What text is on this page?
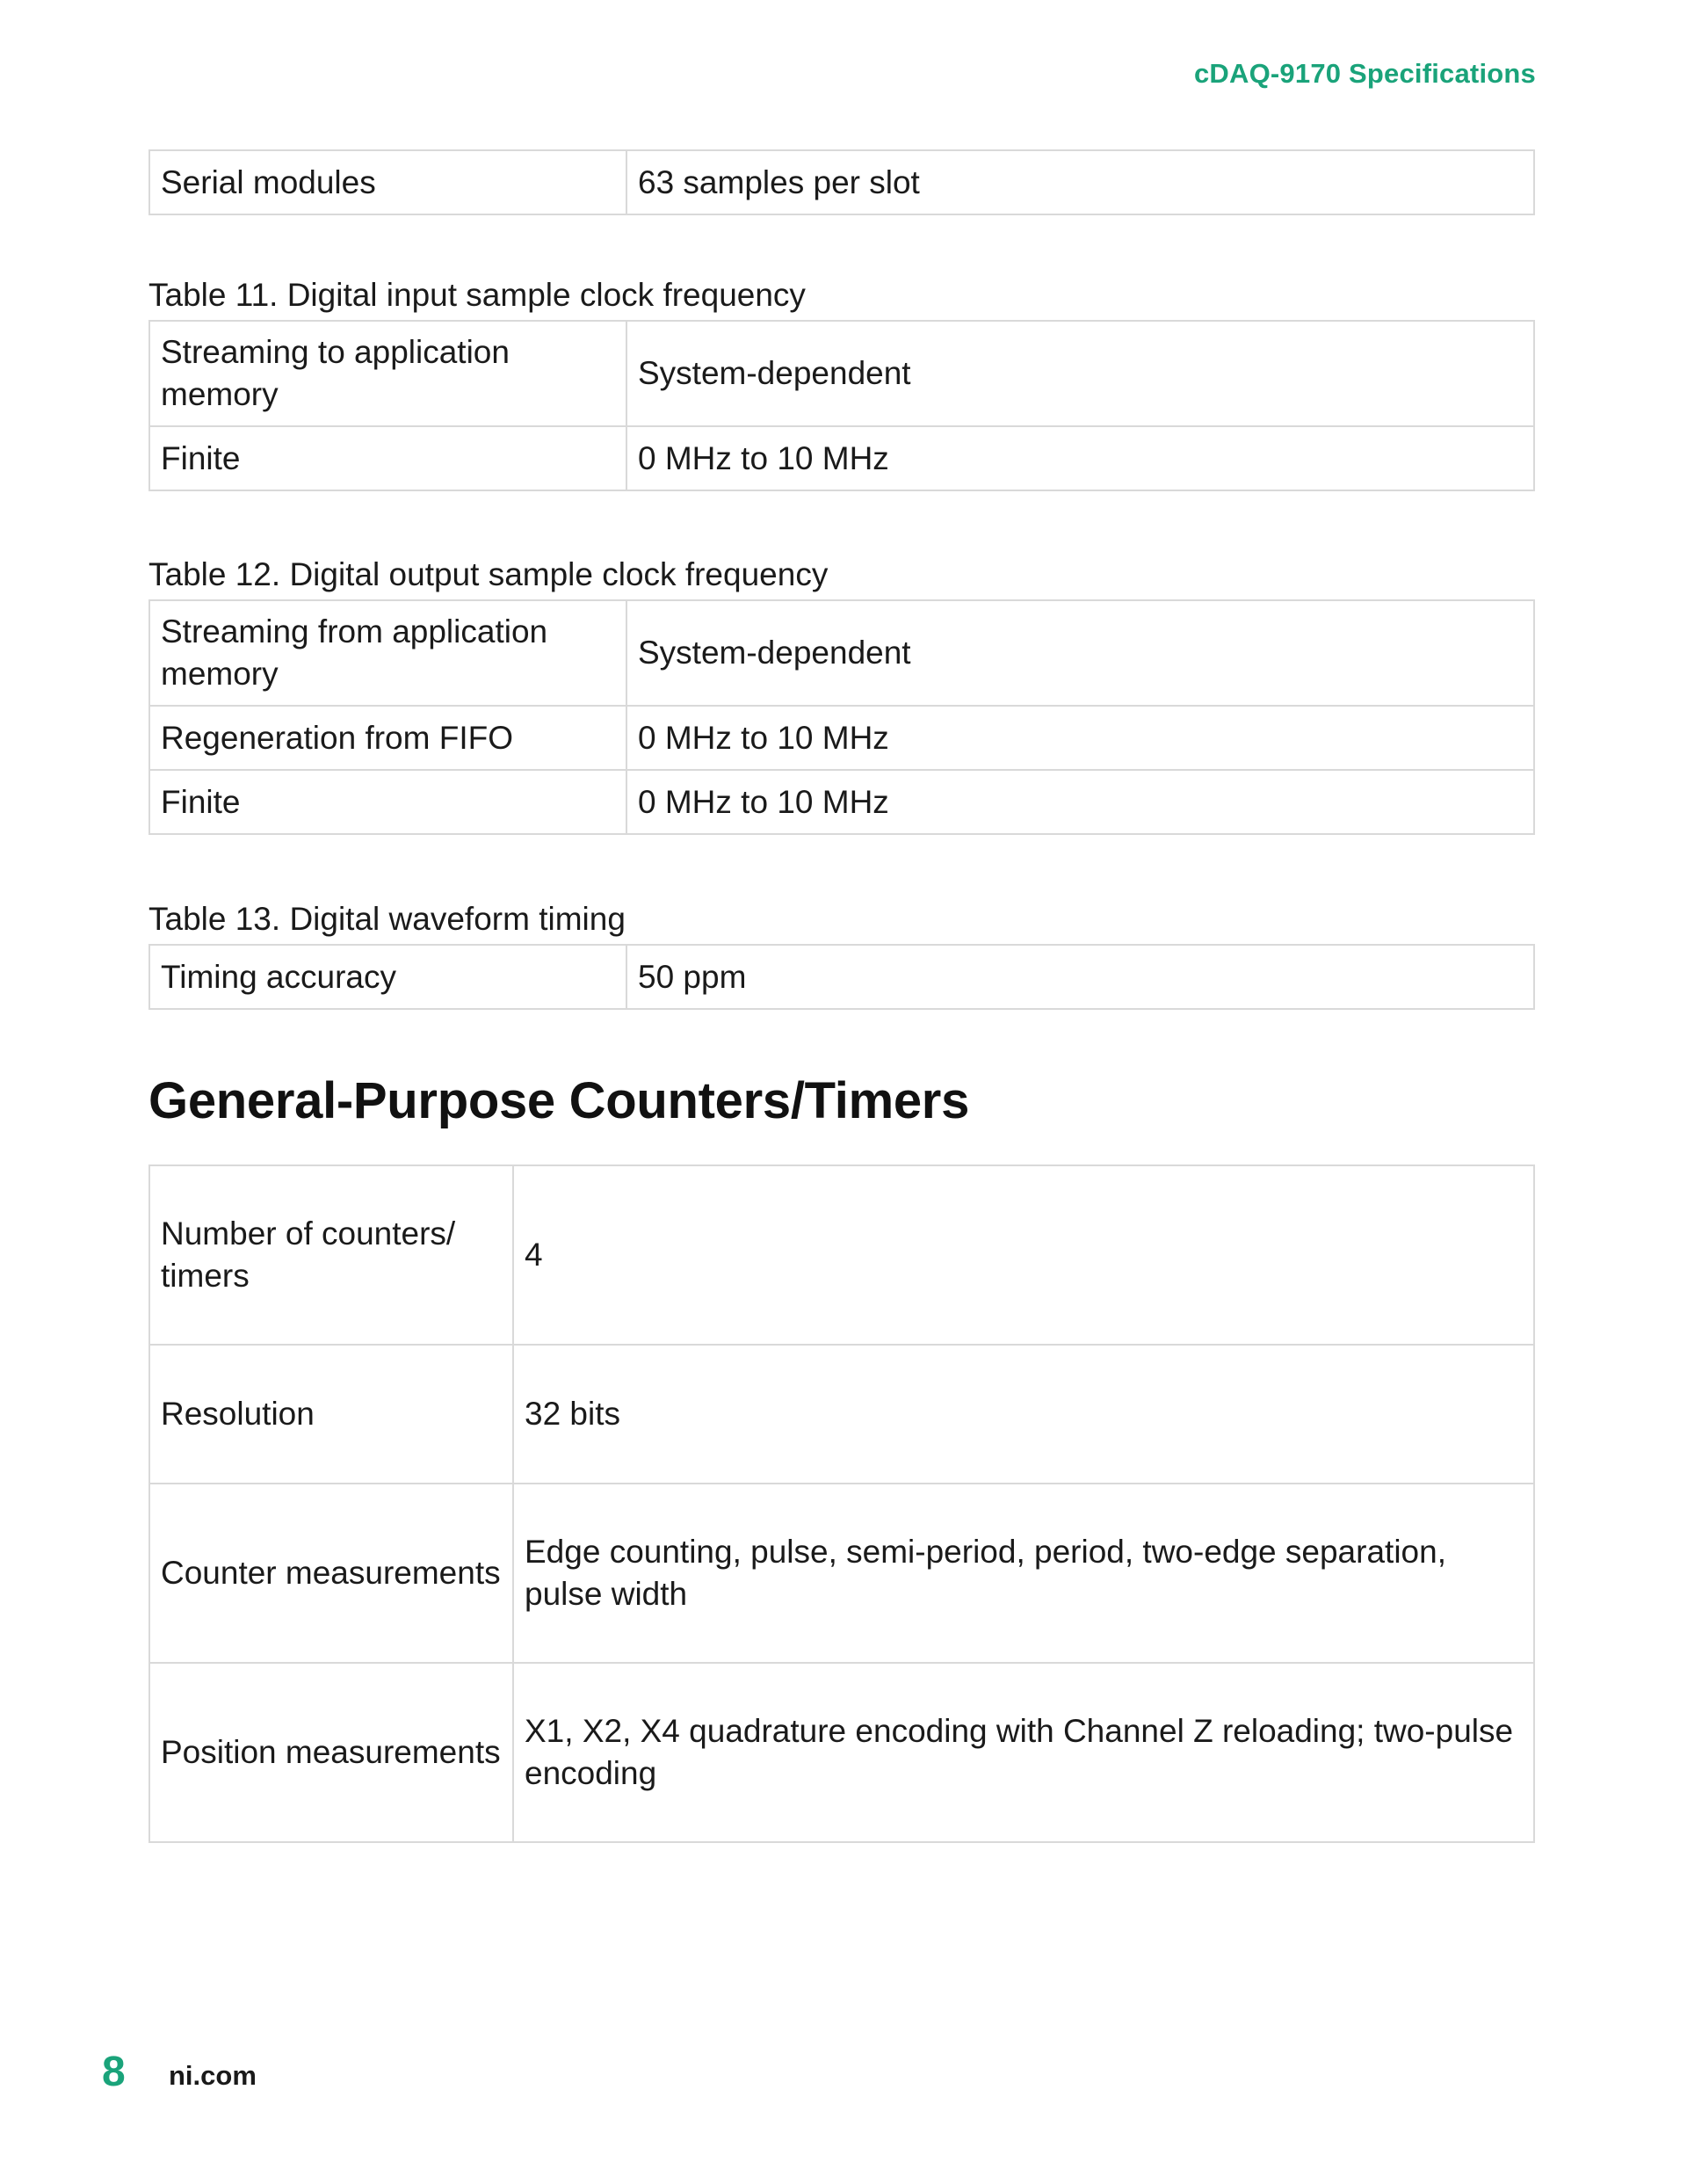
cDAQ-9170 Specifications
Serial modules	63 samples per slot

Table 11. Digital input sample clock frequency

Streaming to application memory	System-dependent
Finite	0 MHz to 10 MHz

Table 12. Digital output sample clock frequency

Streaming from application memory	System-dependent
Regeneration from FIFO	0 MHz to 10 MHz
Finite	0 MHz to 10 MHz

Table 13. Digital waveform timing

Timing accuracy	50 ppm
General-Purpose Counters/Timers
Number of counters/ timers	4
Resolution	32 bits
Counter measurements	Edge counting, pulse, semi-period, period, two-edge separation, pulse width
Position measurements	X1, X2, X4 quadrature encoding with Channel Z reloading; two-pulse encoding
8 ni.com
